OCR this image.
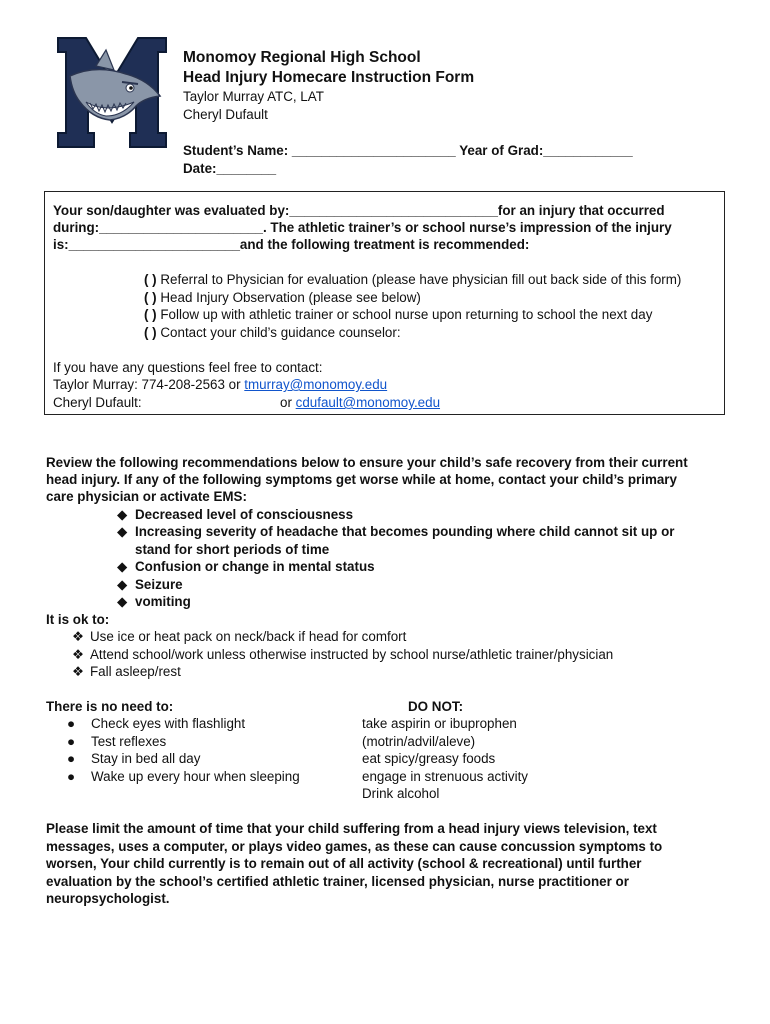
Monomoy Regional High School
Head Injury Homecare Instruction Form
Taylor Murray ATC, LAT
Cheryl Dufault
Student’s Name: ______________________ Year of Grad:____________
Date:________
Your son/daughter was evaluated by:____________________________for an injury that occurred
during:______________________. The athletic trainer’s or school nurse’s impression of the injury
is:_______________________and the following treatment is recommended:
( ) Referral to Physician for evaluation (please have physician fill out back side of this form)
( ) Head Injury Observation (please see below)
( ) Follow up with athletic trainer or school nurse upon returning to school the next day
( ) Contact your child’s guidance counselor:
If you have any questions feel free to contact:
Taylor Murray: 774-208-2563 or tmurray@monomoy.edu
Cheryl Dufault:	or cdufault@monomoy.edu
Review the following recommendations below to ensure your child’s safe recovery from their current
head injury. If any of the following symptoms get worse while at home, contact your child’s primary
care physician or activate EMS:
◆ Decreased level of consciousness
◆ Increasing severity of headache that becomes pounding where child cannot sit up or
stand for short periods of time
◆ Confusion or change in mental status
◆ Seizure
◆ vomiting
It is ok to:
❖ Use ice or heat pack on neck/back if head for comfort
❖ Attend school/work unless otherwise instructed by school nurse/athletic trainer/physician
❖ Fall asleep/rest
There is no need to:
● Check eyes with flashlight
● Test reflexes
● Stay in bed all day
● Wake up every hour when sleeping
DO NOT:
take aspirin or ibuprophen
(motrin/advil/aleve)
eat spicy/greasy foods
engage in strenuous activity
Drink alcohol
Please limit the amount of time that your child suffering from a head injury views television, text
messages, uses a computer, or plays video games, as these can cause concussion symptoms to
worsen, Your child currently is to remain out of all activity (school & recreational) until further
evaluation by the school’s certified athletic trainer, licensed physician, nurse practitioner or
neuropsychologist.
